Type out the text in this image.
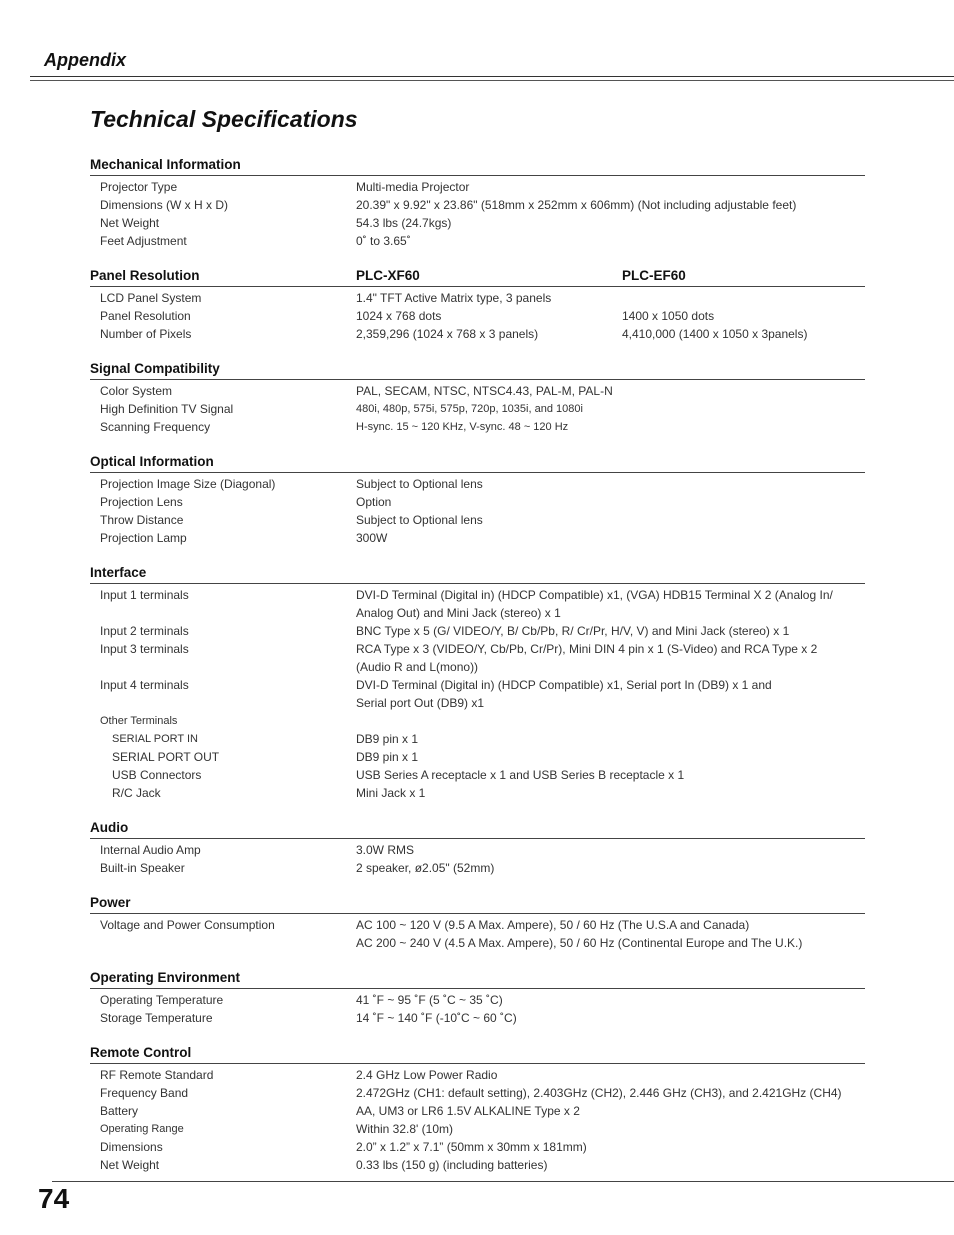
Appendix
Technical Specifications
Mechanical Information
Projector Type	Multi-media Projector
Dimensions (W x H x D)	20.39" x 9.92" x 23.86" (518mm x 252mm x 606mm) (Not including adjustable feet)
Net Weight	54.3 lbs (24.7kgs)
Feet Adjustment	0˚ to 3.65˚
Panel Resolution	PLC-XF60	PLC-EF60
LCD Panel System	1.4" TFT Active Matrix type, 3 panels
Panel Resolution	1024 x 768 dots	1400 x 1050 dots
Number of Pixels	2,359,296 (1024 x 768 x 3 panels)	4,410,000 (1400 x 1050 x 3panels)
Signal Compatibility
Color System	PAL, SECAM, NTSC, NTSC4.43, PAL-M, PAL-N
High Definition TV Signal	480i, 480p, 575i, 575p, 720p, 1035i, and 1080i
Scanning Frequency	H-sync. 15 ~ 120 KHz, V-sync. 48 ~ 120 Hz
Optical Information
Projection Image Size (Diagonal)	Subject to Optional lens
Projection Lens	Option
Throw Distance	Subject to Optional lens
Projection Lamp	300W
Interface
Input 1 terminals	DVI-D Terminal (Digital in) (HDCP Compatible) x1, (VGA) HDB15 Terminal X 2 (Analog In/
Analog Out) and Mini Jack (stereo) x 1
Input 2 terminals	BNC Type x 5 (G/ VIDEO/Y, B/ Cb/Pb, R/ Cr/Pr, H/V, V) and Mini Jack (stereo) x 1
Input 3 terminals	RCA Type x 3 (VIDEO/Y, Cb/Pb, Cr/Pr), Mini DIN 4 pin x 1 (S-Video) and RCA Type x 2
(Audio R and L(mono))
Input 4 terminals	DVI-D Terminal (Digital in) (HDCP Compatible) x1, Serial port In (DB9) x 1 and
Serial port Out (DB9) x1
Other Terminals
SERIAL PORT IN	DB9 pin x 1
SERIAL PORT OUT	DB9 pin x 1
USB Connectors	USB Series A receptacle x 1 and USB Series B receptacle x 1
R/C Jack	Mini Jack x 1
Audio
Internal Audio Amp	3.0W RMS
Built-in Speaker	2 speaker, ø2.05" (52mm)
Power
Voltage and Power Consumption	AC 100 ~ 120 V (9.5 A Max. Ampere), 50 / 60 Hz (The U.S.A and Canada)
AC 200 ~ 240 V (4.5 A Max. Ampere), 50 / 60 Hz (Continental Europe and The U.K.)
Operating Environment
Operating Temperature	41 ˚F ~ 95 ˚F (5 ˚C ~ 35 ˚C)
Storage Temperature	14 ˚F ~ 140 ˚F (-10˚C ~ 60 ˚C)
Remote Control
RF Remote Standard	2.4 GHz Low Power Radio
Frequency Band	2.472GHz (CH1: default setting), 2.403GHz (CH2), 2.446 GHz (CH3), and 2.421GHz (CH4)
Battery	AA, UM3 or LR6 1.5V ALKALINE Type x 2
Operating Range	Within 32.8' (10m)
Dimensions	2.0” x 1.2” x 7.1” (50mm x 30mm x 181mm)
Net Weight	0.33 lbs (150 g) (including batteries)
74
